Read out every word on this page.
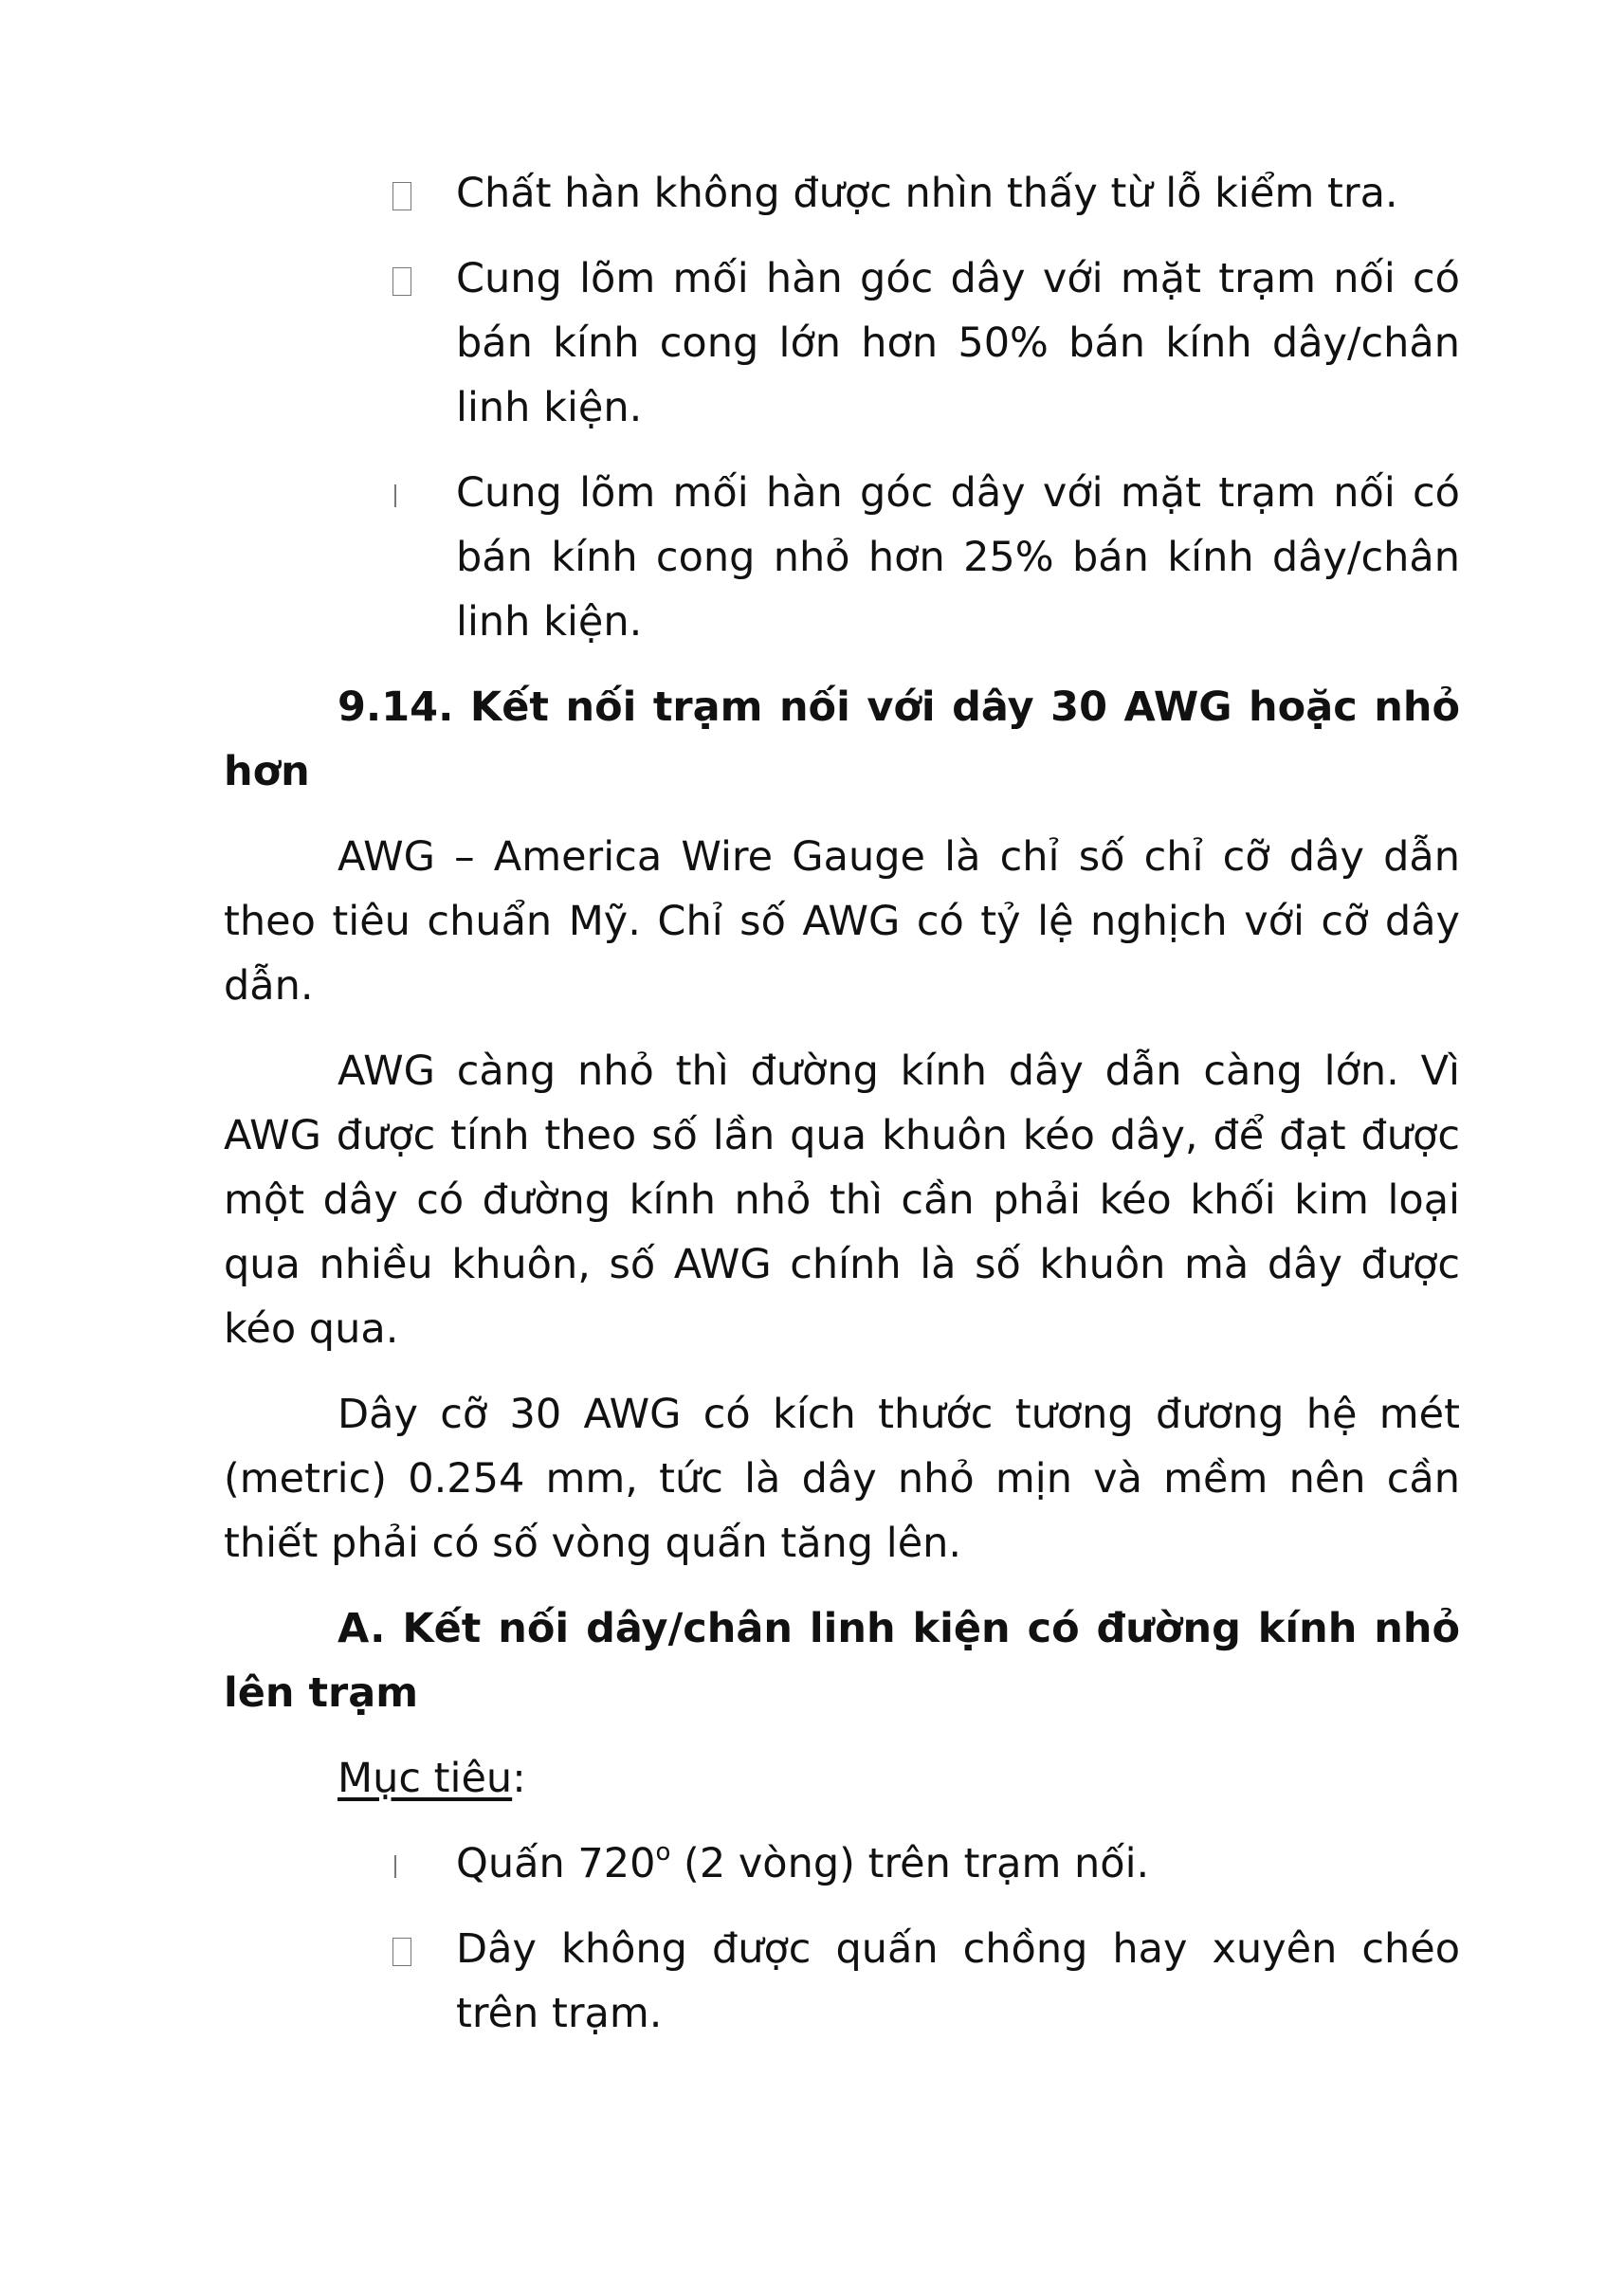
Chất hàn không được nhìn thấy từ lỗ kiểm tra.
Cung lõm mối hàn góc dây với mặt trạm nối có bán kính cong lớn hơn 50% bán kính dây/chân linh kiện.
Cung lõm mối hàn góc dây với mặt trạm nối có bán kính cong nhỏ hơn 25% bán kính dây/chân linh kiện.
9.14. Kết nối trạm nối với dây 30 AWG hoặc nhỏ hơn

AWG – America Wire Gauge là chỉ số chỉ cỡ dây dẫn theo tiêu chuẩn Mỹ. Chỉ số AWG có tỷ lệ nghịch với cỡ dây dẫn.

AWG càng nhỏ thì đường kính dây dẫn càng lớn. Vì AWG được tính theo số lần qua khuôn kéo dây, để đạt được một dây có đường kính nhỏ thì cần phải kéo khối kim loại qua nhiều khuôn, số AWG chính là số khuôn mà dây được kéo qua.

Dây cỡ 30 AWG có kích thước tương đương hệ mét (metric) 0.254 mm, tức là dây nhỏ mịn và mềm nên cần thiết phải có số vòng quấn tăng lên.

A. Kết nối dây/chân linh kiện có đường kính nhỏ lên trạm
Mục tiêu:
Quấn 720$^o$ (2 vòng) trên trạm nối.
Dây không được quấn chồng hay xuyên chéo trên trạm.
